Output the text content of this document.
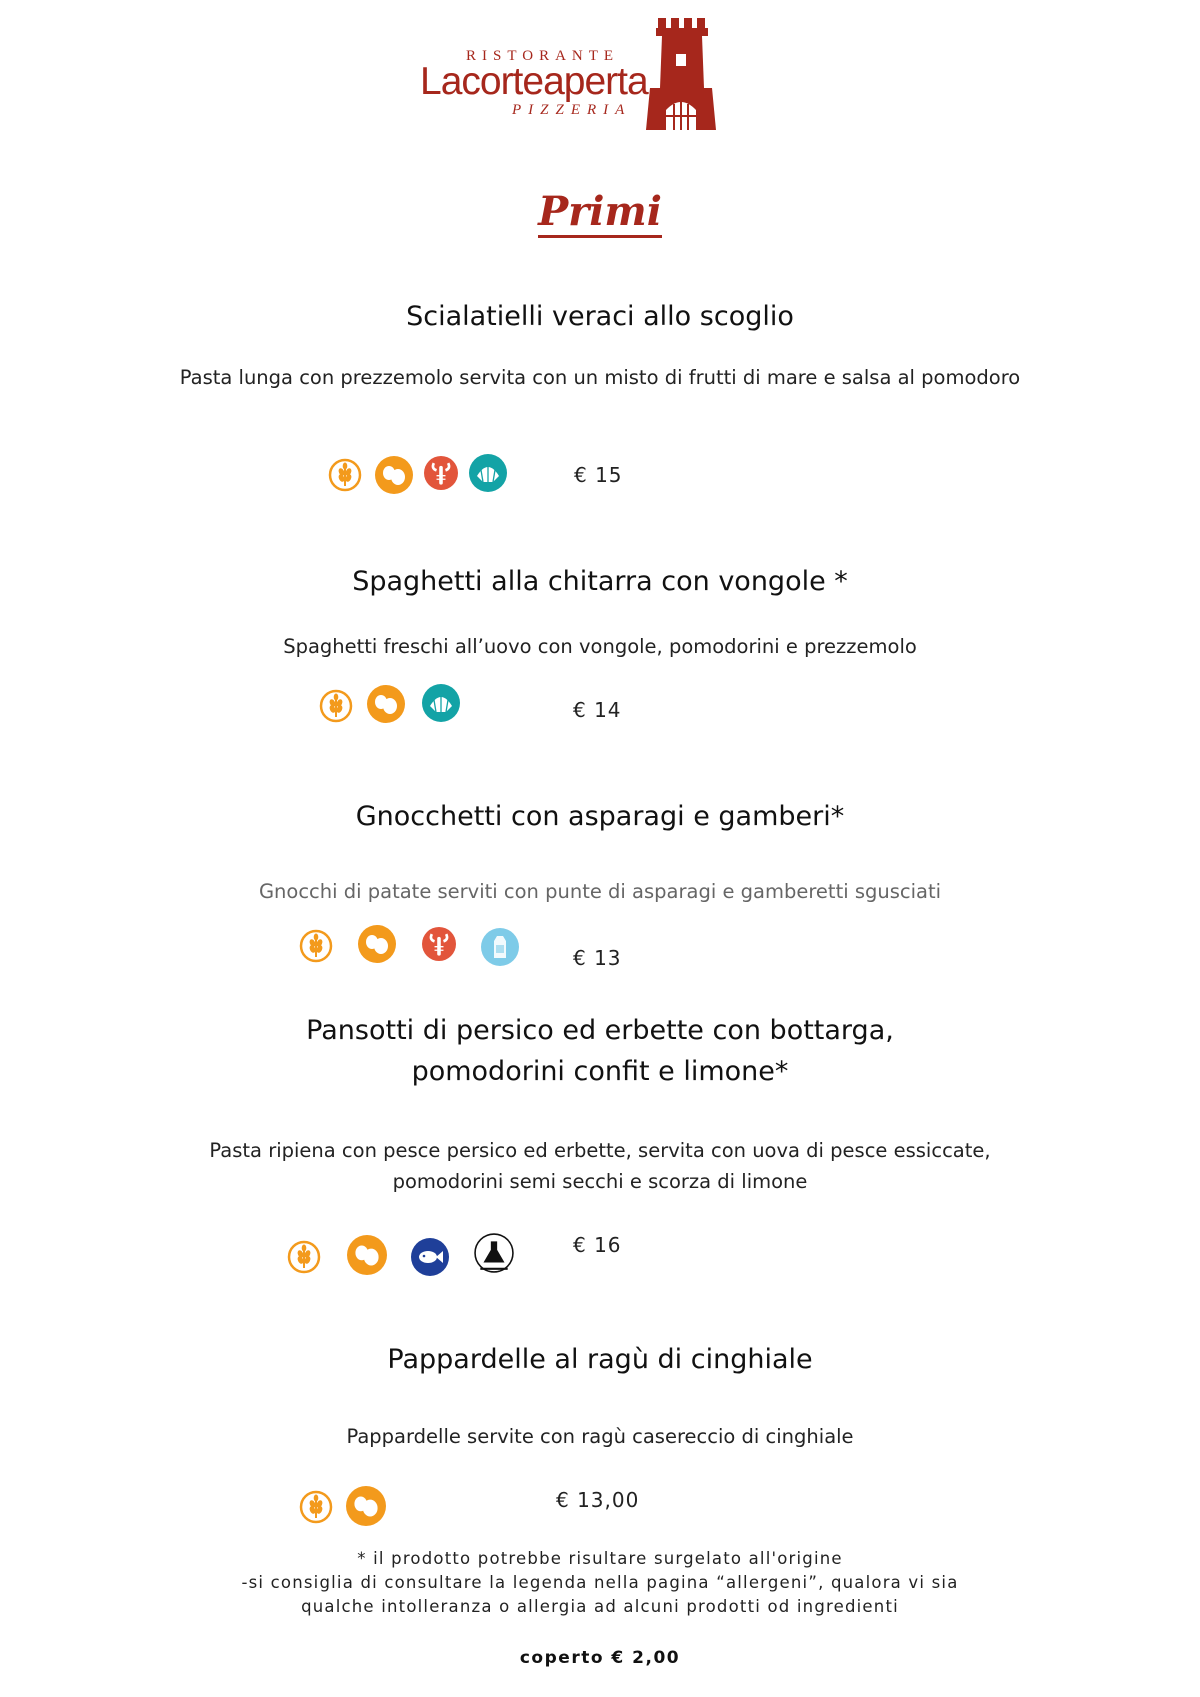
RISTORANTE
Lacorteaperta
PIZZERIA
Primi
Scialatielli veraci allo scoglio
Pasta lunga con prezzemolo servita con un misto di frutti di mare e salsa al pomodoro
€ 15
Spaghetti alla chitarra con vongole *
Spaghetti freschi all’uovo con vongole, pomodorini e prezzemolo
€ 14
Gnocchetti con asparagi e gamberi*
Gnocchi di patate serviti con punte di asparagi e gamberetti sgusciati
€ 13
Pansotti di persico ed erbette con bottarga,
pomodorini confit e limone*
Pasta ripiena con pesce persico ed erbette, servita con uova di pesce essiccate,
pomodorini semi secchi e scorza di limone
€ 16
Pappardelle al ragù di cinghiale
Pappardelle servite con ragù casereccio di cinghiale
€ 13,00
* il prodotto potrebbe risultare surgelato all'origine
-si consiglia di consultare la legenda nella pagina “allergeni”, qualora vi sia
qualche intolleranza o allergia ad alcuni prodotti od ingredienti
coperto € 2,00
